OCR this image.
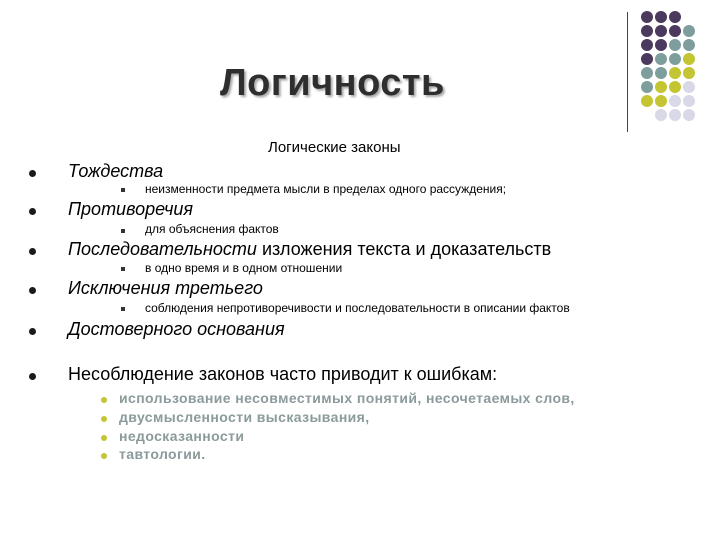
Логичность
Логические законы
Тождества
неизменности предмета мысли в пределах одного рассуждения;
Противоречия
для объяснения фактов
Последовательности изложения текста и доказательств
в одно время и в одном отношении
Исключения третьего
соблюдения непротиворечивости и последовательности в описании фактов
Достоверного основания
Несоблюдение законов часто приводит к ошибкам:
использование несовместимых понятий, несочетаемых слов,
двусмысленности высказывания,
недосказанности
тавтологии.
